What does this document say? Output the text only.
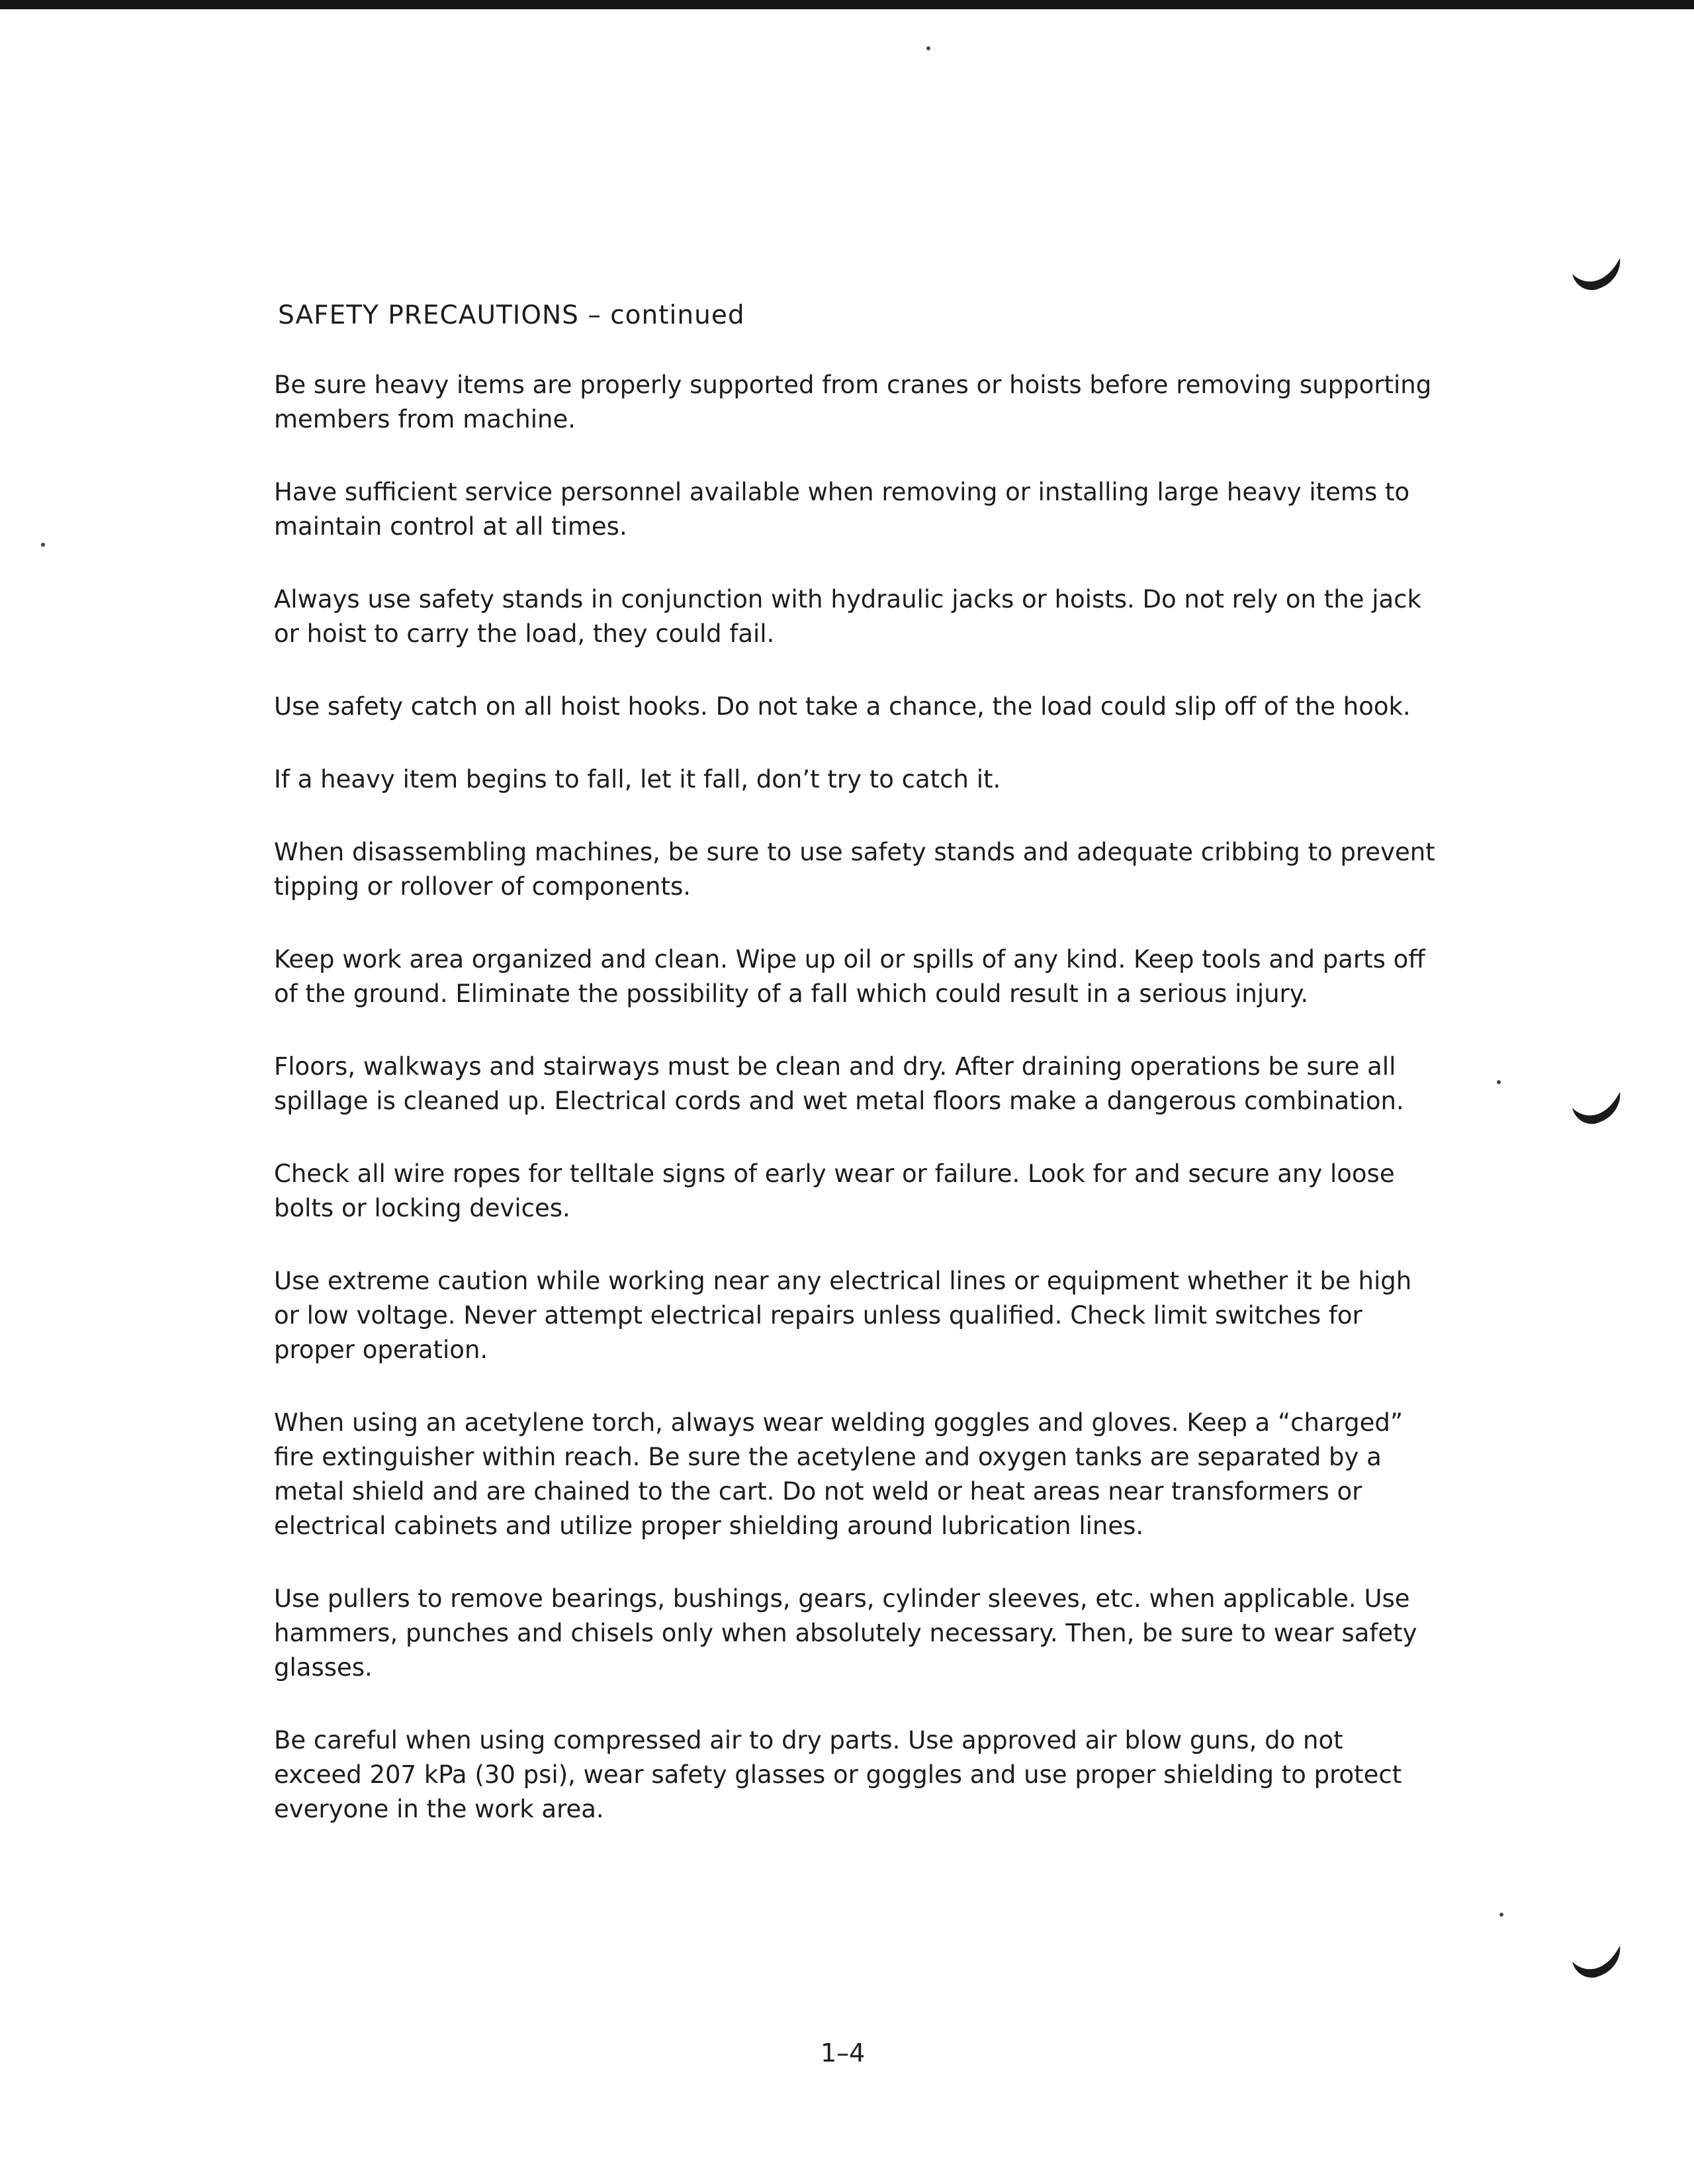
SAFETY PRECAUTIONS – continued

Be sure heavy items are properly supported from cranes or hoists before removing supporting members from machine.

Have sufficient service personnel available when removing or installing large heavy items to maintain control at all times.

Always use safety stands in conjunction with hydraulic jacks or hoists. Do not rely on the jack or hoist to carry the load, they could fail.

Use safety catch on all hoist hooks. Do not take a chance, the load could slip off of the hook.

If a heavy item begins to fall, let it fall, don’t try to catch it.

When disassembling machines, be sure to use safety stands and adequate cribbing to prevent tipping or rollover of components.

Keep work area organized and clean. Wipe up oil or spills of any kind. Keep tools and parts off of the ground. Eliminate the possibility of a fall which could result in a serious injury.

Floors, walkways and stairways must be clean and dry. After draining operations be sure all spillage is cleaned up. Electrical cords and wet metal floors make a dangerous combination.

Check all wire ropes for telltale signs of early wear or failure. Look for and secure any loose bolts or locking devices.

Use extreme caution while working near any electrical lines or equipment whether it be high or low voltage. Never attempt electrical repairs unless qualified. Check limit switches for proper operation.

When using an acetylene torch, always wear welding goggles and gloves. Keep a “charged” fire extinguisher within reach. Be sure the acetylene and oxygen tanks are separated by a metal shield and are chained to the cart. Do not weld or heat areas near transformers or electrical cabinets and utilize proper shielding around lubrication lines.

Use pullers to remove bearings, bushings, gears, cylinder sleeves, etc. when applicable. Use hammers, punches and chisels only when absolutely necessary. Then, be sure to wear safety glasses.

Be careful when using compressed air to dry parts. Use approved air blow guns, do not exceed 207 kPa (30 psi), wear safety glasses or goggles and use proper shielding to protect everyone in the work area.

1–4
